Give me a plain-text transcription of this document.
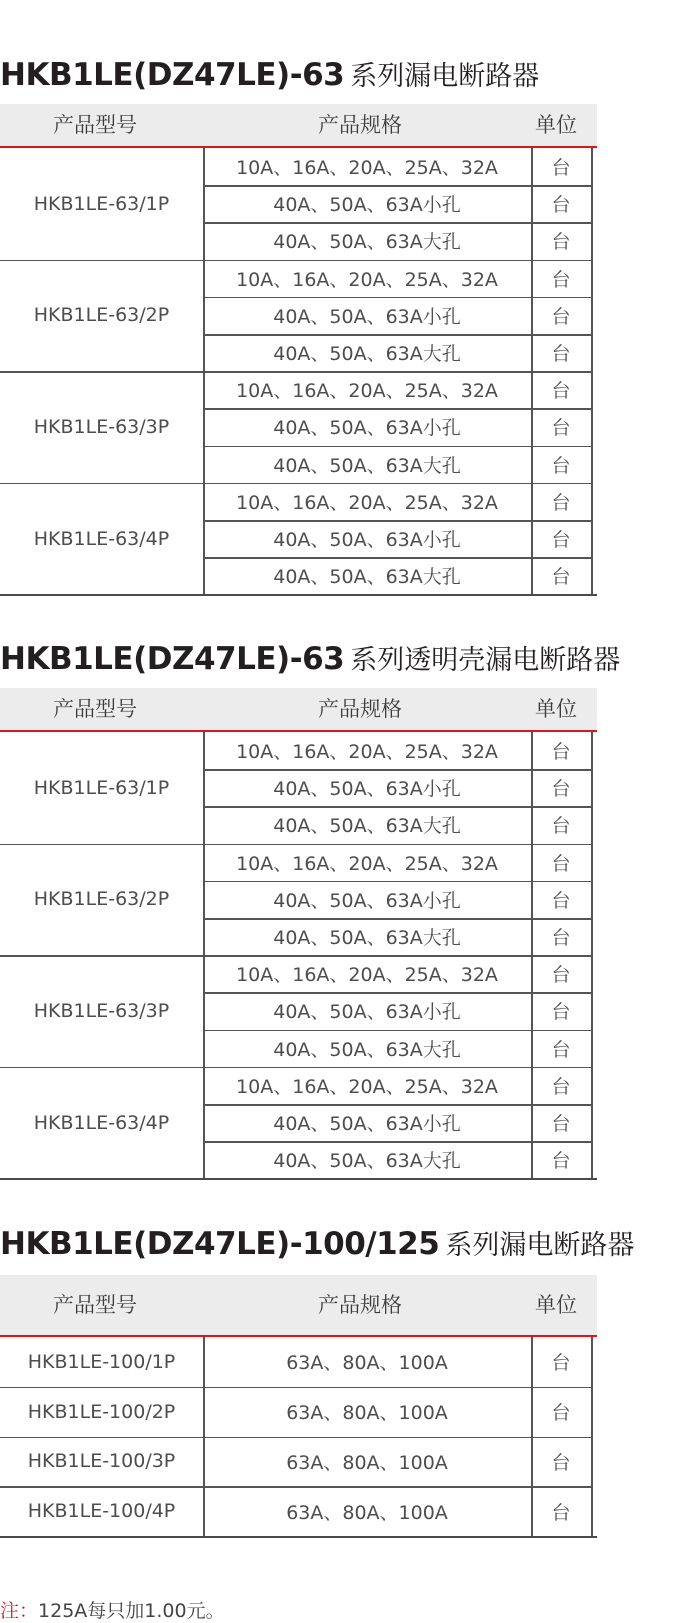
HKB1LE(DZ47LE)-63 系列漏电断路器
产品型号	产品规格	单位
HKB1LE-63/1P
10A、16A、20A、25A、32A	台
40A、50A、63A小孔	台
40A、50A、63A大孔	台
HKB1LE-63/2P
10A、16A、20A、25A、32A	台
40A、50A、63A小孔	台
40A、50A、63A大孔	台
HKB1LE-63/3P
10A、16A、20A、25A、32A	台
40A、50A、63A小孔	台
40A、50A、63A大孔	台
HKB1LE-63/4P
10A、16A、20A、25A、32A	台
40A、50A、63A小孔	台
40A、50A、63A大孔	台
HKB1LE(DZ47LE)-63 系列透明壳漏电断路器
产品型号	产品规格	单位
HKB1LE-63/1P
10A、16A、20A、25A、32A	台
40A、50A、63A小孔	台
40A、50A、63A大孔	台
HKB1LE-63/2P
10A、16A、20A、25A、32A	台
40A、50A、63A小孔	台
40A、50A、63A大孔	台
HKB1LE-63/3P
10A、16A、20A、25A、32A	台
40A、50A、63A小孔	台
40A、50A、63A大孔	台
HKB1LE-63/4P
10A、16A、20A、25A、32A	台
40A、50A、63A小孔	台
40A、50A、63A大孔	台
HKB1LE(DZ47LE)-100/125 系列漏电断路器
产品型号	产品规格	单位
HKB1LE-100/1P	63A、80A、100A	台
HKB1LE-100/2P	63A、80A、100A	台
HKB1LE-100/3P	63A、80A、100A	台
HKB1LE-100/4P	63A、80A、100A	台
注：125A每只加1.00元。
